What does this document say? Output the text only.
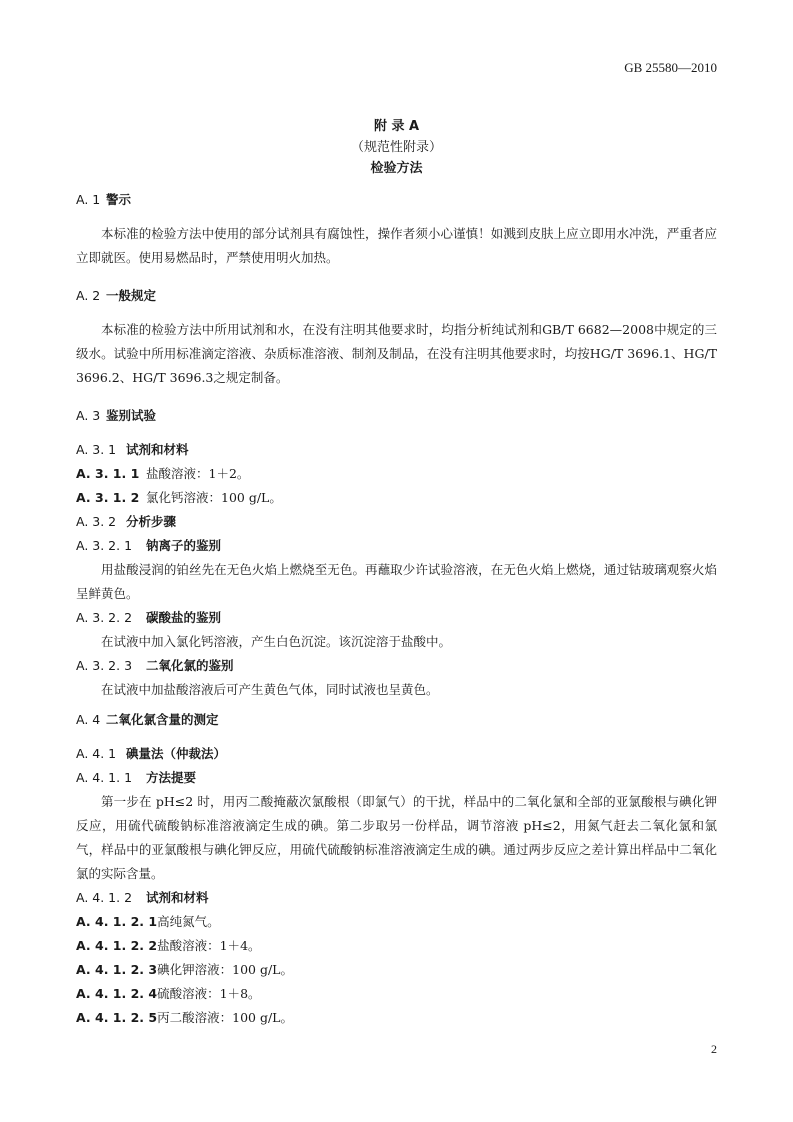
GB 25580—2010
附 录 A
（规范性附录）
检验方法

A. 1 警示

本标准的检验方法中使用的部分试剂具有腐蚀性，操作者须小心谨慎！如溅到皮肤上应立即用水冲洗，严重者应立即就医。使用易燃品时，严禁使用明火加热。

A. 2 一般规定

本标准的检验方法中所用试剂和水，在没有注明其他要求时，均指分析纯试剂和GB/T 6682—2008中规定的三级水。试验中所用标准滴定溶液、杂质标准溶液、制剂及制品，在没有注明其他要求时，均按HG/T 3696.1、HG/T 3696.2、HG/T 3696.3之规定制备。

A. 3 鉴别试验

A. 3. 1 试剂和材料

A. 3. 1. 1 盐酸溶液：1＋2。

A. 3. 1. 2 氯化钙溶液：100 g/L。

A. 3. 2 分析步骤

A. 3. 2. 1 钠离子的鉴别

用盐酸浸润的铂丝先在无色火焰上燃烧至无色。再蘸取少许试验溶液，在无色火焰上燃烧，通过钴玻璃观察火焰呈鲜黄色。

A. 3. 2. 2 碳酸盐的鉴别

在试液中加入氯化钙溶液，产生白色沉淀。该沉淀溶于盐酸中。

A. 3. 2. 3 二氧化氯的鉴别

在试液中加盐酸溶液后可产生黄色气体，同时试液也呈黄色。

A. 4 二氧化氯含量的测定

A. 4. 1 碘量法（仲裁法）

A. 4. 1. 1 方法提要

第一步在 pH≤2 时，用丙二酸掩蔽次氯酸根（即氯气）的干扰，样品中的二氧化氯和全部的亚氯酸根与碘化钾反应，用硫代硫酸钠标准溶液滴定生成的碘。第二步取另一份样品，调节溶液 pH≤2，用氮气赶去二氧化氯和氯气，样品中的亚氯酸根与碘化钾反应，用硫代硫酸钠标准溶液滴定生成的碘。通过两步反应之差计算出样品中二氧化氯的实际含量。

A. 4. 1. 2 试剂和材料

A. 4. 1. 2. 1高纯氮气。

A. 4. 1. 2. 2盐酸溶液：1＋4。

A. 4. 1. 2. 3碘化钾溶液：100 g/L。

A. 4. 1. 2. 4硫酸溶液：1＋8。

A. 4. 1. 2. 5丙二酸溶液：100 g/L。

2
